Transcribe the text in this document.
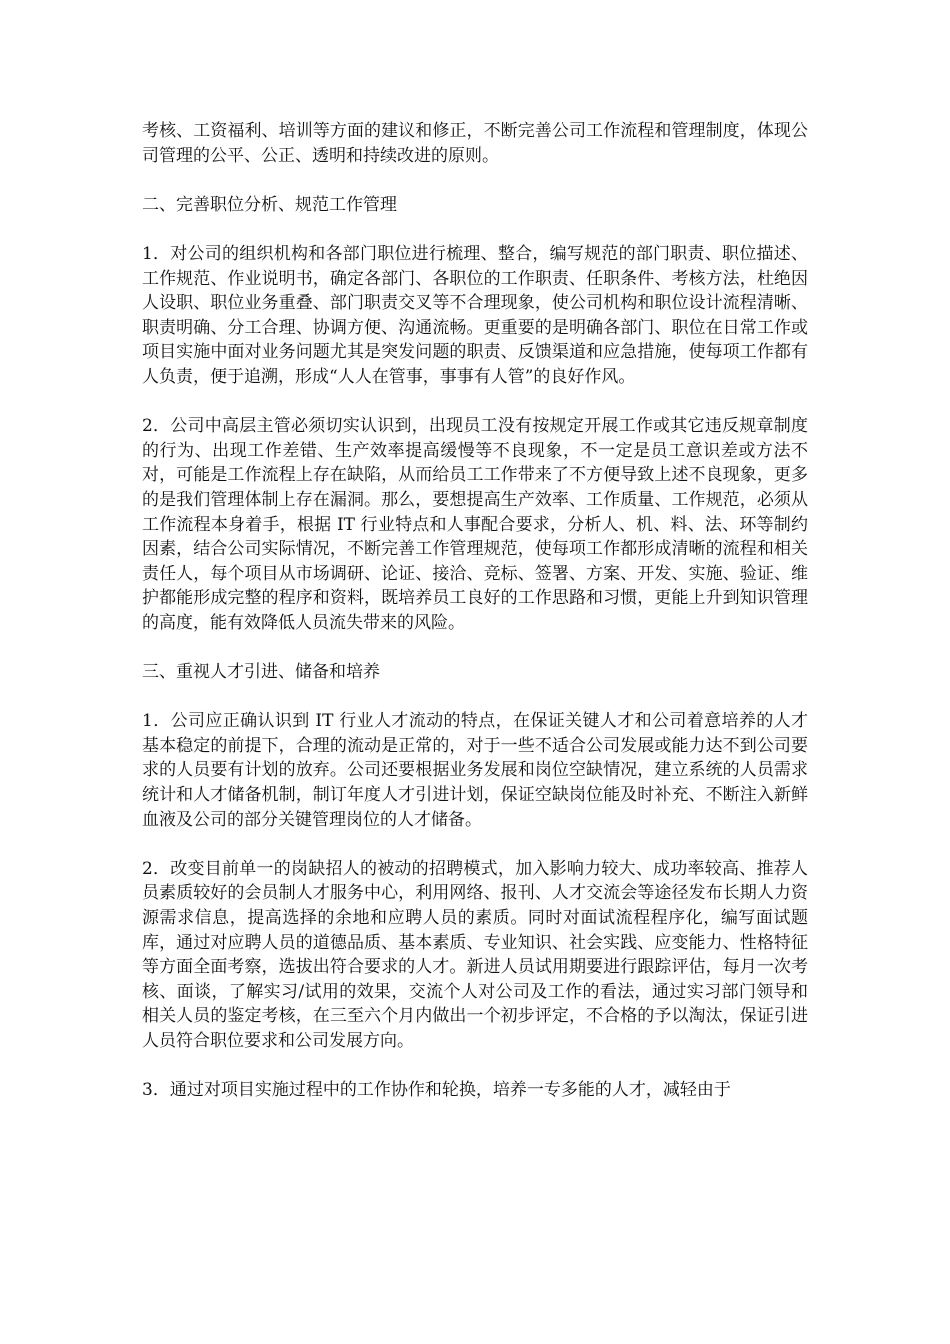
考核、工资福利、培训等方面的建议和修正，不断完善公司工作流程和管理制度，体现公司管理的公平、公正、透明和持续改进的原则。

二、完善职位分析、规范工作管理

1．对公司的组织机构和各部门职位进行梳理、整合，编写规范的部门职责、职位描述、工作规范、作业说明书，确定各部门、各职位的工作职责、任职条件、考核方法，杜绝因人设职、职位业务重叠、部门职责交叉等不合理现象，使公司机构和职位设计流程清晰、职责明确、分工合理、协调方便、沟通流畅。更重要的是明确各部门、职位在日常工作或项目实施中面对业务问题尤其是突发问题的职责、反馈渠道和应急措施，使每项工作都有人负责，便于追溯，形成“人人在管事，事事有人管”的良好作风。

2．公司中高层主管必须切实认识到，出现员工没有按规定开展工作或其它违反规章制度的行为、出现工作差错、生产效率提高缓慢等不良现象，不一定是员工意识差或方法不对，可能是工作流程上存在缺陷，从而给员工工作带来了不方便导致上述不良现象，更多的是我们管理体制上存在漏洞。那么，要想提高生产效率、工作质量、工作规范，必须从工作流程本身着手，根据 IT 行业特点和人事配合要求，分析人、机、料、法、环等制约因素，结合公司实际情况，不断完善工作管理规范，使每项工作都形成清晰的流程和相关责任人，每个项目从市场调研、论证、接洽、竞标、签署、方案、开发、实施、验证、维护都能形成完整的程序和资料，既培养员工良好的工作思路和习惯，更能上升到知识管理的高度，能有效降低人员流失带来的风险。

三、重视人才引进、储备和培养

1．公司应正确认识到 IT 行业人才流动的特点，在保证关键人才和公司着意培养的人才基本稳定的前提下，合理的流动是正常的，对于一些不适合公司发展或能力达不到公司要求的人员要有计划的放弃。公司还要根据业务发展和岗位空缺情况，建立系统的人员需求统计和人才储备机制，制订年度人才引进计划，保证空缺岗位能及时补充、不断注入新鲜血液及公司的部分关键管理岗位的人才储备。

2．改变目前单一的岗缺招人的被动的招聘模式，加入影响力较大、成功率较高、推荐人员素质较好的会员制人才服务中心，利用网络、报刊、人才交流会等途径发布长期人力资源需求信息，提高选择的余地和应聘人员的素质。同时对面试流程程序化，编写面试题库，通过对应聘人员的道德品质、基本素质、专业知识、社会实践、应变能力、性格特征等方面全面考察，选拔出符合要求的人才。新进人员试用期要进行跟踪评估，每月一次考核、面谈，了解实习/试用的效果，交流个人对公司及工作的看法，通过实习部门领导和相关人员的鉴定考核，在三至六个月内做出一个初步评定，不合格的予以淘汰，保证引进人员符合职位要求和公司发展方向。

3．通过对项目实施过程中的工作协作和轮换，培养一专多能的人才，减轻由于
